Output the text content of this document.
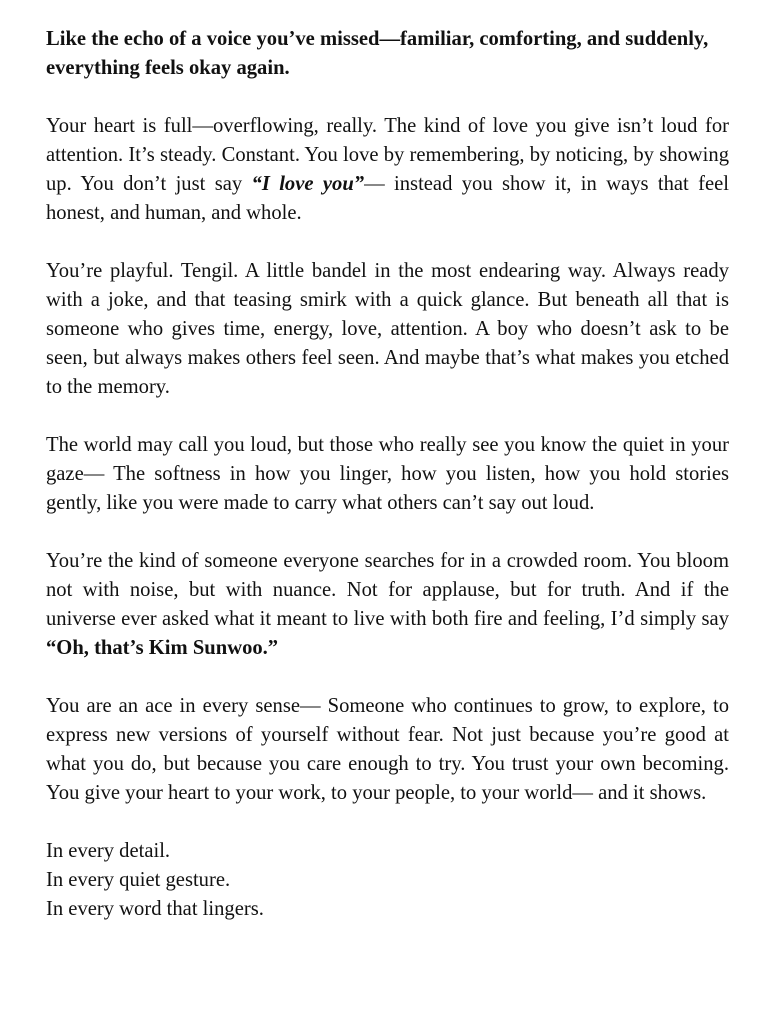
Like the echo of a voice you’ve missed—familiar, comforting, and suddenly, everything feels okay again.

Your heart is full—overflowing, really. The kind of love you give isn’t loud for attention. It’s steady. Constant. You love by remembering, by noticing, by showing up. You don’t just say “I love you”— instead you show it, in ways that feel honest, and human, and whole.

You’re playful. Tengil. A little bandel in the most endearing way. Always ready with a joke, and that teasing smirk with a quick glance. But beneath all that is someone who gives time, energy, love, attention. A boy who doesn’t ask to be seen, but always makes others feel seen. And maybe that’s what makes you etched to the memory.

The world may call you loud, but those who really see you know the quiet in your gaze— The softness in how you linger, how you listen, how you hold stories gently, like you were made to carry what others can’t say out loud.

You’re the kind of someone everyone searches for in a crowded room. You bloom not with noise, but with nuance. Not for applause, but for truth. And if the universe ever asked what it meant to live with both fire and feeling, I’d simply say “Oh, that’s Kim Sunwoo.”

You are an ace in every sense— Someone who continues to grow, to explore, to express new versions of yourself without fear. Not just because you’re good at what you do, but because you care enough to try. You trust your own becoming. You give your heart to your work, to your people, to your world— and it shows.

In every detail.
In every quiet gesture.
In every word that lingers.
